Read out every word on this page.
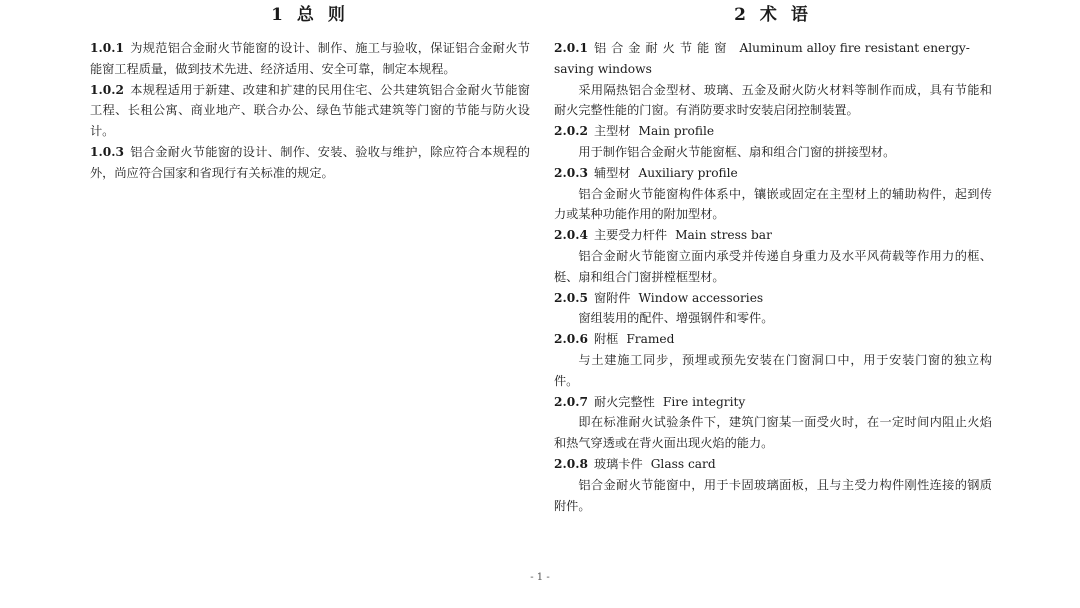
1 总 则

1.0.1 为规范铝合金耐火节能窗的设计、制作、施工与验收，保证铝合金耐火节能窗工程质量，做到技术先进、经济适用、安全可靠，制定本规程。

1.0.2 本规程适用于新建、改建和扩建的民用住宅、公共建筑铝合金耐火节能窗工程、长租公寓、商业地产、联合办公、绿色节能式建筑等门窗的节能与防火设计。

1.0.3 铝合金耐火节能窗的设计、制作、安装、验收与维护，除应符合本规程的外，尚应符合国家和省现行有关标准的规定。

2 术 语

2.0.1 铝合金耐火节能窗 Aluminum alloy fire resistant energy-saving windows

采用隔热铝合金型材、玻璃、五金及耐火防火材料等制作而成，具有节能和耐火完整性能的门窗。有消防要求时安装启闭控制装置。

2.0.2 主型材 Main profile

用于制作铝合金耐火节能窗框、扇和组合门窗的拼接型材。

2.0.3 辅型材 Auxiliary profile

铝合金耐火节能窗构件体系中，镶嵌或固定在主型材上的辅助构件，起到传力或某种功能作用的附加型材。

2.0.4 主要受力杆件 Main stress bar

铝合金耐火节能窗立面内承受并传递自身重力及水平风荷载等作用力的框、梃、扇和组合门窗拼樘框型材。

2.0.5 窗附件 Window accessories

窗组装用的配件、增强钢件和零件。

2.0.6 附框 Framed

与土建施工同步，预埋或预先安装在门窗洞口中，用于安装门窗的独立构件。

2.0.7 耐火完整性 Fire integrity

即在标准耐火试验条件下，建筑门窗某一面受火时，在一定时间内阻止火焰和热气穿透或在背火面出现火焰的能力。

2.0.8 玻璃卡件 Glass card

铝合金耐火节能窗中，用于卡固玻璃面板，且与主受力构件刚性连接的钢质附件。

- 1 -
